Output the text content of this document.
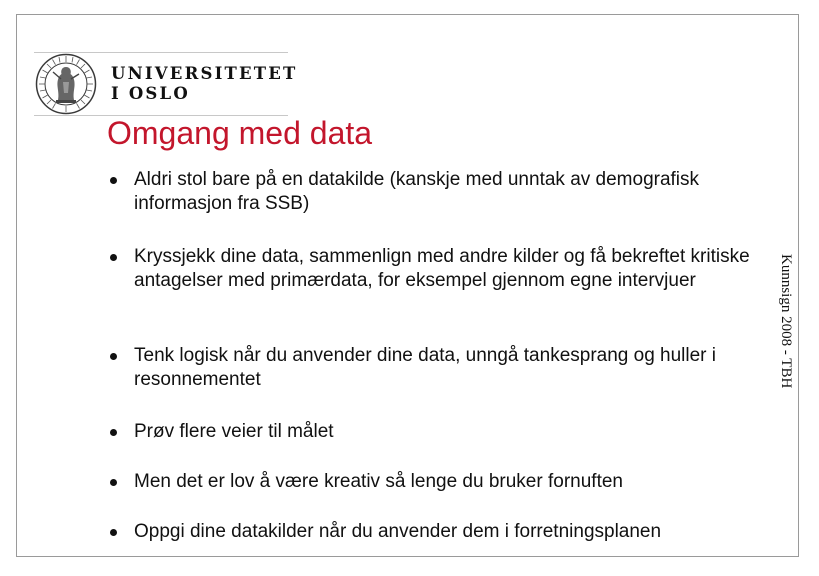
UNIVERSITETET
I OSLO
Omgang med data
Aldri stol bare på en datakilde (kanskje med unntak av demografisk informasjon fra SSB)
Kryssjekk dine data, sammenlign med andre kilder og få bekreftet kritiske antagelser med primærdata, for eksempel gjennom egne intervjuer
Tenk logisk når du anvender dine data, unngå tankesprang og huller i resonnementet
Prøv flere veier til målet
Men det er lov å være kreativ så lenge du bruker fornuften
Oppgi dine datakilder når du anvender dem i forretningsplanen
Kunnsign 2008 - TBH
